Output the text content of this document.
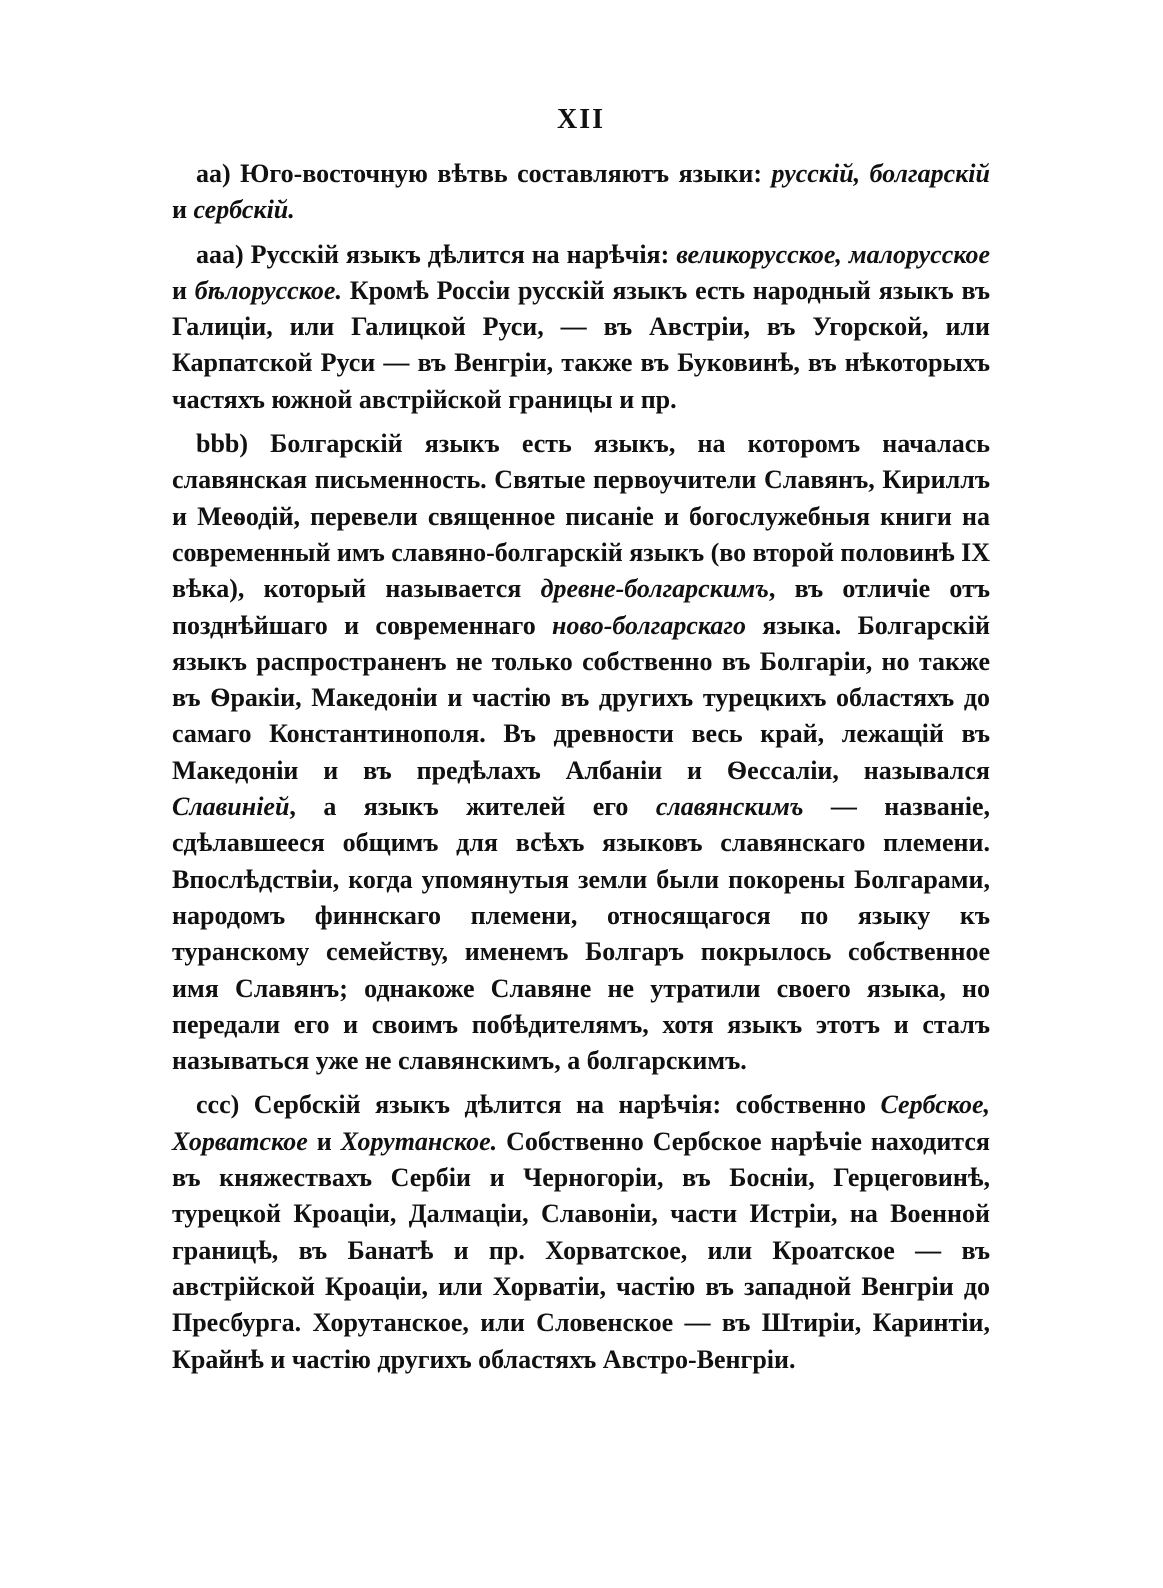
XII

aa) Юго-восточную вѣтвь составляютъ языки: русскій, болгарскій и сербскій.

aaa) Русскій языкъ дѣлится на нарѣчія: великорусское, малорусское и бѣлорусское. Кромѣ Россіи русскій языкъ есть народный языкъ въ Галиціи, или Галицкой Руси, — въ Австріи, въ Угорской, или Карпатской Руси — въ Венгріи, также въ Буковинѣ, въ нѣкоторыхъ частяхъ южной австрійской границы и пр.

bbb) Болгарскій языкъ есть языкъ, на которомъ началась славянская письменность. Святые первоучители Славянъ, Кириллъ и Меѳодій, перевели священное писаніе и богослужебныя книги на современный имъ славяно-болгарскій языкъ (во второй половинѣ IX вѣка), который называется древне-болгарскимъ, въ отличіе отъ позднѣйшаго и современнаго ново-болгарскаго языка. Болгарскій языкъ распространенъ не только собственно въ Болгаріи, но также въ Ѳракіи, Македоніи и частію въ другихъ турецкихъ областяхъ до самаго Константинополя. Въ древности весь край, лежащій въ Македоніи и въ предѣлахъ Албаніи и Ѳессаліи, назывался Славиніей, а языкъ жителей его славянскимъ — названіе, сдѣлавшееся общимъ для всѣхъ языковъ славянскаго племени. Впослѣдствіи, когда упомянутыя земли были покорены Болгарами, народомъ финнскаго племени, относящагося по языку къ туранскому семейству, именемъ Болгаръ покрылось собственное имя Славянъ; однакоже Славяне не утратили своего языка, но передали его и своимъ побѣдителямъ, хотя языкъ этотъ и сталъ называться уже не славянскимъ, а болгарскимъ.

ccc) Сербскій языкъ дѣлится на нарѣчія: собственно Сербское, Хорватское и Хорутанское. Собственно Сербское нарѣчіе находится въ княжествахъ Сербіи и Черногоріи, въ Босніи, Герцеговинѣ, турецкой Кроаціи, Далмаціи, Славоніи, части Истріи, на Военной границѣ, въ Банатѣ и пр. Хорватское, или Кроатское — въ австрійской Кроаціи, или Хорватіи, частію въ западной Венгріи до Пресбурга. Хорутанское, или Словенское — въ Штиріи, Каринтіи, Крайнѣ и частію другихъ областяхъ Австро-Венгріи.
